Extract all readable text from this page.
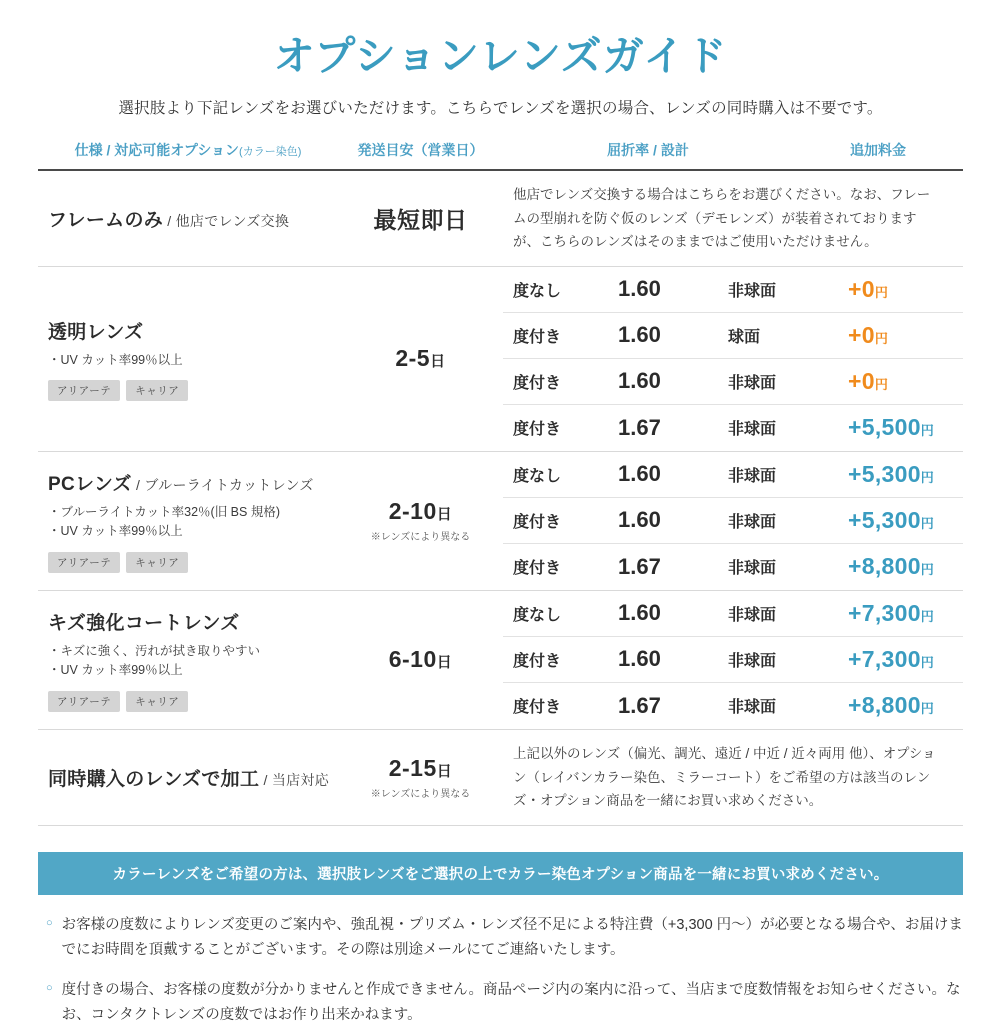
オプションレンズガイド
選択肢より下記レンズをお選びいただけます。こちらでレンズを選択の場合、レンズの同時購入は不要です。
仕様 / 対応可能オプション(カラー染色)	発送目安（営業日）	屈折率 / 設計	追加料金
フレームのみ / 他店でレンズ交換	最短即日
他店でレンズ交換する場合はこちらをお選びください。なお、フレームの型崩れを防ぐ仮のレンズ（デモレンズ）が装着されておりますが、こちらのレンズはそのままではご使用いただけません。
透明レンズ
・UV カット率99％以上
アリアーテ	キャリア
2-5日
度なし	1.60	非球面	+0円
度付き	1.60	球面	+0円
度付き	1.60	非球面	+0円
度付き	1.67	非球面	+5,500円
PCレンズ / ブルーライトカットレンズ
・ブルーライトカット率32％(旧 BS 規格)
・UV カット率99％以上
アリアーテ	キャリア
2-10日
※レンズにより異なる
度なし	1.60	非球面	+5,300円
度付き	1.60	非球面	+5,300円
度付き	1.67	非球面	+8,800円
キズ強化コートレンズ
・キズに強く、汚れが拭き取りやすい
・UV カット率99％以上
アリアーテ	キャリア
6-10日
度なし	1.60	非球面	+7,300円
度付き	1.60	非球面	+7,300円
度付き	1.67	非球面	+8,800円
同時購入のレンズで加工 / 当店対応	2-15日
※レンズにより異なる
上記以外のレンズ（偏光、調光、遠近 / 中近 / 近々両用 他）、オプション（レイバンカラー染色、ミラーコート）をご希望の方は該当のレンズ・オプション商品を一緒にお買い求めください。
カラーレンズをご希望の方は、選択肢レンズをご選択の上でカラー染色オプション商品を一緒にお買い求めください。
○ お客様の度数によりレンズ変更のご案内や、強乱視・プリズム・レンズ径不足による特注費（+3,300 円〜）が必要となる場合や、お届けまでにお時間を頂戴することがございます。その際は別途メールにてご連絡いたします。
○ 度付きの場合、お客様の度数が分かりませんと作成できません。商品ページ内の案内に沿って、当店まで度数情報をお知らせください。なお、コンタクトレンズの度数ではお作り出来かねます。
